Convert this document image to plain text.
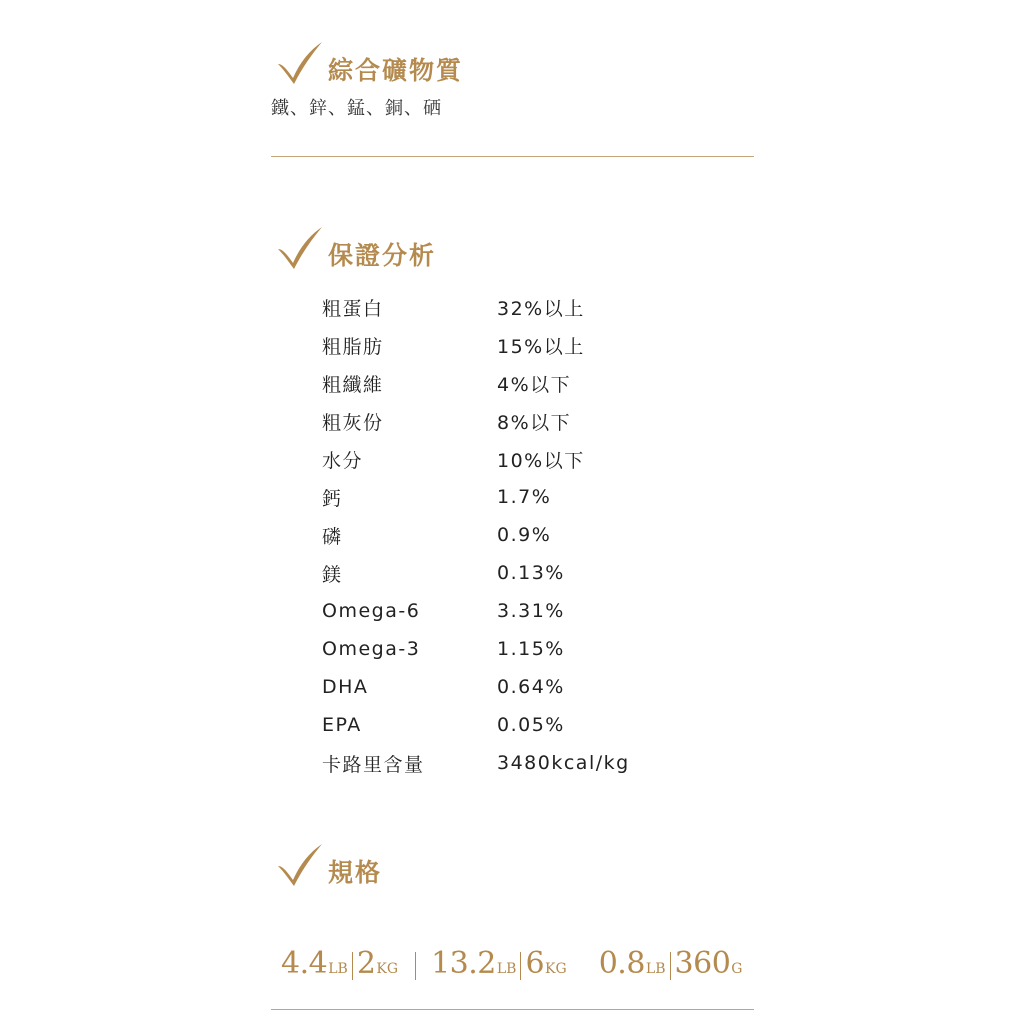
綜合礦物質
鐵、鋅、錳、銅、硒
保證分析
粗蛋白	32%以上
粗脂肪	15%以上
粗纖維	4%以下
粗灰份	8%以下
水分	10%以下
鈣	1.7%
磷	0.9%
鎂	0.13%
Omega-6	3.31%
Omega-3	1.15%
DHA	0.64%
EPA	0.05%
卡路里含量	3480kcal/kg
規格
4.4LB 2KG 13.2LB 6KG 0.8LB 360G
